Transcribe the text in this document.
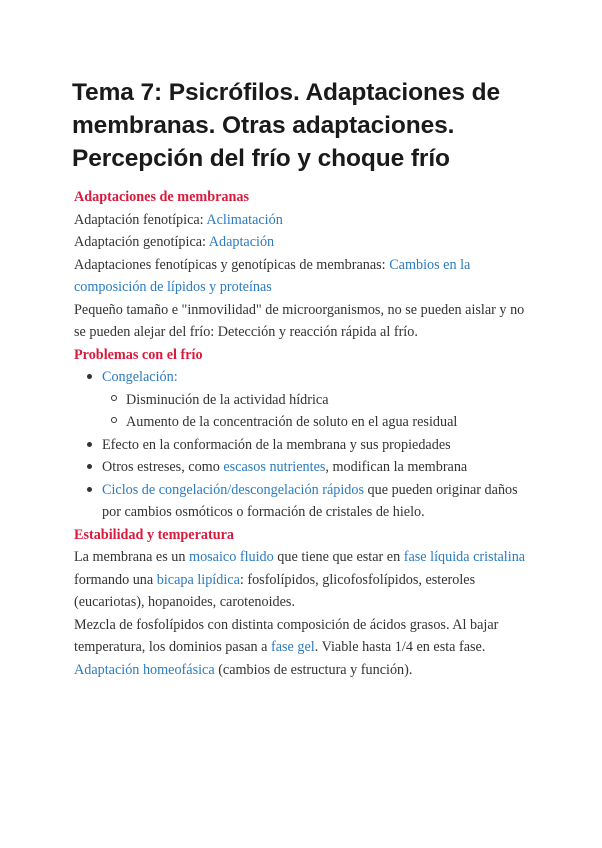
Tema 7: Psicrófilos. Adaptaciones de membranas. Otras adaptaciones. Percepción del frío y choque frío

Adaptaciones de membranas

Adaptación fenotípica: Aclimatación

Adaptación genotípica: Adaptación

Adaptaciones fenotípicas y genotípicas de membranas: Cambios en la composición de lípidos y proteínas

Pequeño tamaño e "inmovilidad" de microorganismos, no se pueden aislar y no se pueden alejar del frío: Detección y reacción rápida al frío.

Problemas con el frío

Congelación:
Disminución de la actividad hídrica
Aumento de la concentración de soluto en el agua residual
Efecto en la conformación de la membrana y sus propiedades
Otros estreses, como escasos nutrientes, modifican la membrana
Ciclos de congelación/descongelación rápidos que pueden originar daños por cambios osmóticos o formación de cristales de hielo.

Estabilidad y temperatura

La membrana es un mosaico fluido que tiene que estar en fase líquida cristalina formando una bicapa lipídica: fosfolípidos, glicofosfolípidos, esteroles (eucariotas), hopanoides, carotenoides.

Mezcla de fosfolípidos con distinta composición de ácidos grasos. Al bajar temperatura, los dominios pasan a fase gel. Viable hasta 1/4 en esta fase. Adaptación homeofásica (cambios de estructura y función).
